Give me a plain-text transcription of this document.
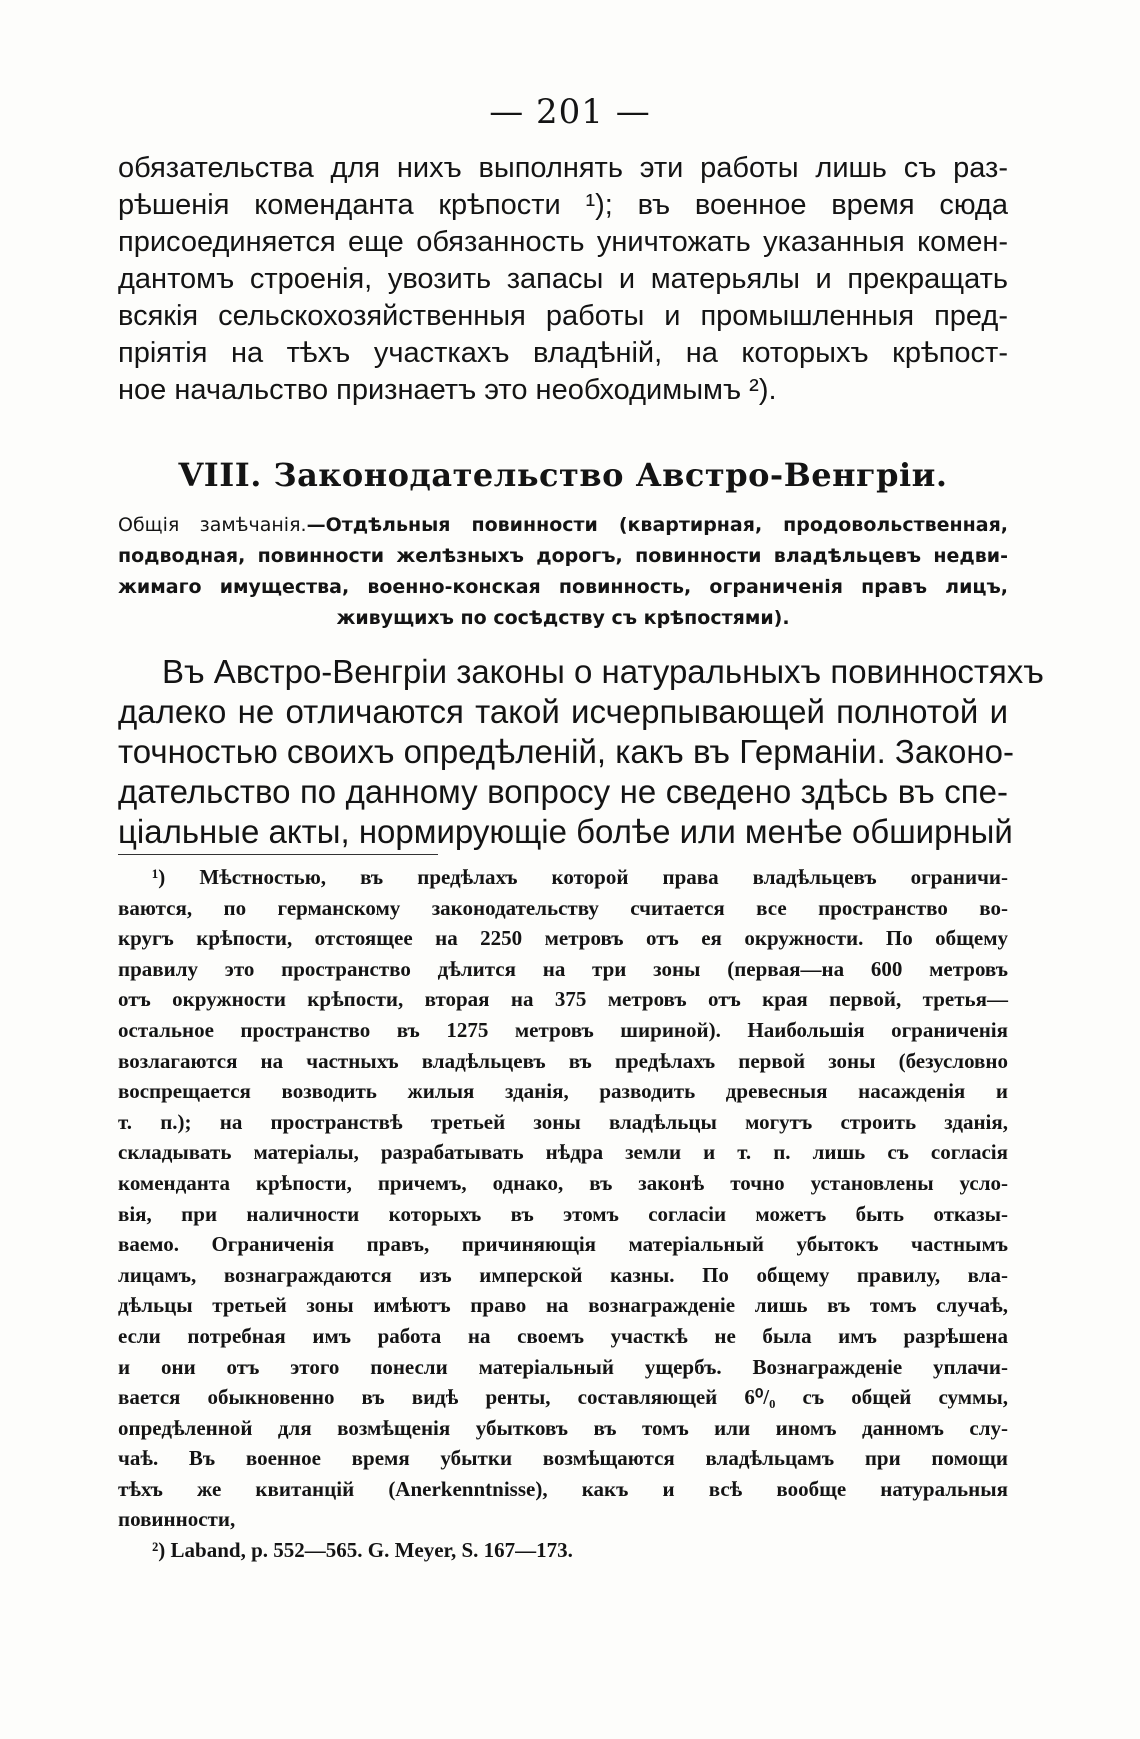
— 201 —
обязательства для нихъ выполнять эти работы лишь съ раз-
рѣшенія коменданта крѣпости ¹); въ военное время сюда
присоединяется еще обязанность уничтожать указанныя комен-
дантомъ строенія, увозить запасы и матерьялы и прекращать
всякія сельскохозяйственныя работы и промышленныя пред-
пріятія на тѣхъ участкахъ владѣній, на которыхъ крѣпост-
ное начальство признаетъ это необходимымъ ²).
VIII. Законодательство Австро-Венгріи.
Общія замѣчанія.—Отдѣльныя повинности (квартирная, продовольственная,
подводная, повинности желѣзныхъ дорогъ, повинности владѣльцевъ недви-
жимаго имущества, военно-конская повинность, ограниченія правъ лицъ,
живущихъ по сосѣдству съ крѣпостями).
Въ Австро-Венгріи законы о натуральныхъ повинностяхъ
далеко не отличаются такой исчерпывающей полнотой и
точностью своихъ опредѣленій, какъ въ Германіи. Законо-
дательство по данному вопросу не сведено здѣсь въ спе-
ціальные акты, нормирующіе болѣе или менѣе обширный
¹) Мѣстностью, въ предѣлахъ которой права владѣльцевъ ограничи-
ваются, по германскому законодательству считается все пространство во-
кругъ крѣпости, отстоящее на 2250 метровъ отъ ея окружности. По общему
правилу это пространство дѣлится на три зоны (первая—на 600 метровъ
отъ окружности крѣпости, вторая на 375 метровъ отъ края первой, третья—
остальное пространство въ 1275 метровъ шириной). Наибольшія ограниченія
возлагаются на частныхъ владѣльцевъ въ предѣлахъ первой зоны (безусловно
воспрещается возводить жилыя зданія, разводить древесныя насажденія и
т. п.); на пространствѣ третьей зоны владѣльцы могутъ строить зданія,
складывать матеріалы, разрабатывать нѣдра земли и т. п. лишь съ согласія
коменданта крѣпости, причемъ, однако, въ законѣ точно установлены усло-
вія, при наличности которыхъ въ этомъ согласіи можетъ быть отказы-
ваемо. Ограниченія правъ, причиняющія матеріальный убытокъ частнымъ
лицамъ, вознаграждаются изъ имперской казны. По общему правилу, вла-
дѣльцы третьей зоны имѣютъ право на вознагражденіе лишь въ томъ случаѣ,
если потребная имъ работа на своемъ участкѣ не была имъ разрѣшена
и они отъ этого понесли матеріальный ущербъ. Вознагражденіе уплачи-
вается обыкновенно въ видѣ ренты, составляющей 6⁰/₀ съ общей суммы,
опредѣленной для возмѣщенія убытковъ въ томъ или иномъ данномъ слу-
чаѣ. Въ военное время убытки возмѣщаются владѣльцамъ при помощи
тѣхъ же квитанцій (Anerkenntnisse), какъ и всѣ вообще натуральныя
повинности,
²) Laband, p. 552—565. G. Meyer, S. 167—173.
